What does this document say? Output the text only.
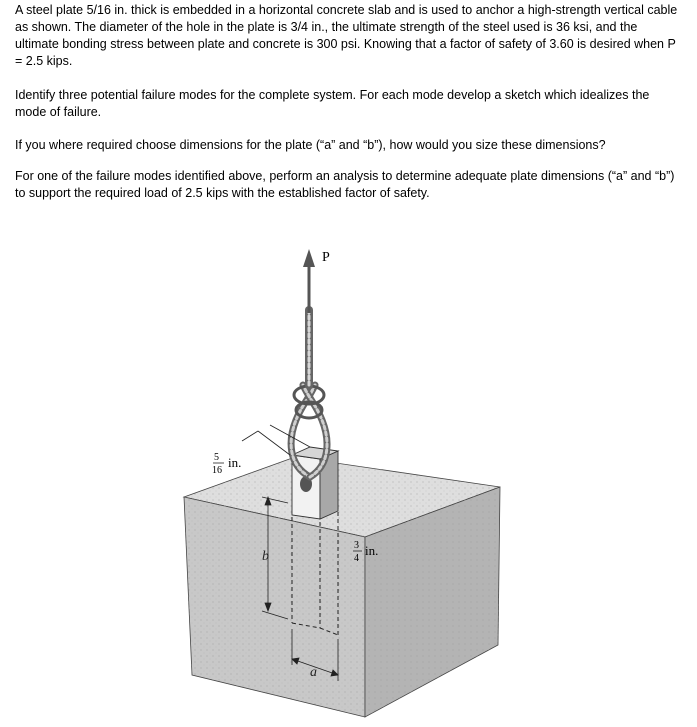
A steel plate 5/16 in. thick is embedded in a horizontal concrete slab and is used to anchor a high-strength vertical cable as shown. The diameter of the hole in the plate is 3/4 in., the ultimate strength of the steel used is 36 ksi, and the ultimate bonding stress between plate and concrete is 300 psi. Knowing that a factor of safety of 3.60 is desired when P = 2.5 kips.
Identify three potential failure modes for the complete system. For each mode develop a sketch which idealizes the mode of failure.
If you where required choose dimensions for the plate (“a” and “b”), how would you size these dimensions?
For one of the failure modes identified above, perform an analysis to determine adequate plate dimensions (“a” and “b”) to support the required load of 2.5 kips with the established factor of safety.
P
5
16
in.
3
4
in.
b
a
